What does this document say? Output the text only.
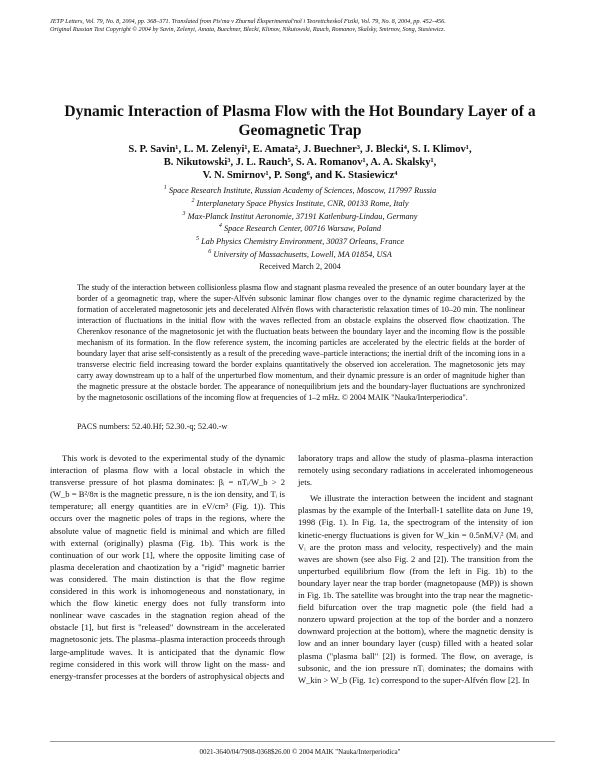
JETP Letters, Vol. 79, No. 8, 2004, pp. 368–371. Translated from Pis'ma v Zhurnal Éksperimental'noĭ i Teoreticheskoĭ Fiziki, Vol. 79, No. 8, 2004, pp. 452–456.
Original Russian Text Copyright © 2004 by Savin, Zelenyi, Amata, Buechner, Blecki, Klimov, Nikutowski, Rauch, Romanov, Skalsky, Smirnov, Song, Stasiewicz.
Dynamic Interaction of Plasma Flow with the Hot Boundary Layer of a Geomagnetic Trap
S. P. Savin¹, L. M. Zelenyi¹, E. Amata², J. Buechner³, J. Blecki⁴, S. I. Klimov¹,
B. Nikutowski³, J. L. Rauch⁵, S. A. Romanov¹, A. A. Skalsky¹,
V. N. Smirnov¹, P. Song⁶, and K. Stasiewicz⁴
$^1$ Space Research Institute, Russian Academy of Sciences, Moscow, 117997 Russia
$^2$ Interplanetary Space Physics Institute, CNR, 00133 Rome, Italy
$^3$ Max-Planck Institut Aeronomie, 37191 Katlenburg-Lindau, Germany
$^4$ Space Research Center, 00716 Warsaw, Poland
$^5$ Lab Physics Chemistry Environment, 30037 Orleans, France
$^6$ University of Massachusetts, Lowell, MA 01854, USA
Received March 2, 2004
The study of the interaction between collisionless plasma flow and stagnant plasma revealed the presence of an outer boundary layer at the border of a geomagnetic trap, where the super-Alfvén subsonic laminar flow changes over to the dynamic regime characterized by the formation of accelerated magnetosonic jets and decelerated Alfvén flows with characteristic relaxation times of 10–20 min. The nonlinear interaction of fluctuations in the initial flow with the waves reflected from an obstacle explains the observed flow chaotization. The Cherenkov resonance of the magnetosonic jet with the fluctuation beats between the boundary layer and the incoming flow is the possible mechanism of its formation. In the flow reference system, the incoming particles are accelerated by the electric fields at the border of boundary layer that arise self-consistently as a result of the preceding wave–particle interactions; the inertial drift of the incoming ions in a transverse electric field increasing toward the border explains quantitatively the observed ion acceleration. The magnetosonic jets may carry away downstream up to a half of the unperturbed flow momentum, and their dynamic pressure is an order of magnitude higher than the magnetic pressure at the obstacle border. The appearance of nonequilibrium jets and the boundary-layer fluctuations are synchronized by the magnetosonic oscillations of the incoming flow at frequencies of 1–2 mHz. © 2004 MAIK "Nauka/Interperiodica".
PACS numbers: 52.40.Hf; 52.30.-q; 52.40.-w

This work is devoted to the experimental study of the dynamic interaction of plasma flow with a local obstacle in which the transverse pressure of hot plasma dominates: βᵢ = nTᵢ/W_b > 2 (W_b = B²/8π is the magnetic pressure, n is the ion density, and Tᵢ is temperature; all energy quantities are in eV/cm³ (Fig. 1)). This occurs over the magnetic poles of traps in the regions, where the absolute value of magnetic field is minimal and which are filled with external (originally) plasma (Fig. 1b). This work is the continuation of our work [1], where the opposite limiting case of plasma deceleration and chaotization by a "rigid" magnetic barrier was considered. The main distinction is that the flow regime considered in this work is inhomogeneous and nonstationary, in which the flow kinetic energy does not fully transform into nonlinear wave cascades in the stagnation region ahead of the obstacle [1], but first is "released" downstream in the accelerated magnetosonic jets. The plasma–plasma interaction proceeds through large-amplitude waves. It is anticipated that the dynamic flow regime considered in this work will throw light on the mass- and energy-transfer processes at the borders of astrophysical objects and

laboratory traps and allow the study of plasma–plasma interaction remotely using secondary radiations in accelerated inhomogeneous jets.

We illustrate the interaction between the incident and stagnant plasmas by the example of the Interball-1 satellite data on June 19, 1998 (Fig. 1). In Fig. 1a, the spectrogram of the intensity of ion kinetic-energy fluctuations is given for W_kin = 0.5nMᵢVᵢ² (Mᵢ and Vᵢ are the proton mass and velocity, respectively) and the main waves are shown (see also Fig. 2 and [2]). The transition from the unperturbed equilibrium flow (from the left in Fig. 1b) to the boundary layer near the trap border (magnetopause (MP)) is shown in Fig. 1b. The satellite was brought into the trap near the magnetic-field bifurcation over the trap magnetic pole (the field had a nonzero upward projection at the top of the border and a nonzero downward projection at the bottom), where the magnetic density is low and an inner boundary layer (cusp) filled with a heated solar plasma ("plasma ball" [2]) is formed. The flow, on average, is subsonic, and the ion pressure nTᵢ dominates; the domains with W_kin > W_b (Fig. 1c) correspond to the super-Alfvén flow [2]. In

0021-3640/04/7908-0368$26.00 © 2004 MAIK "Nauka/Interperiodica"
